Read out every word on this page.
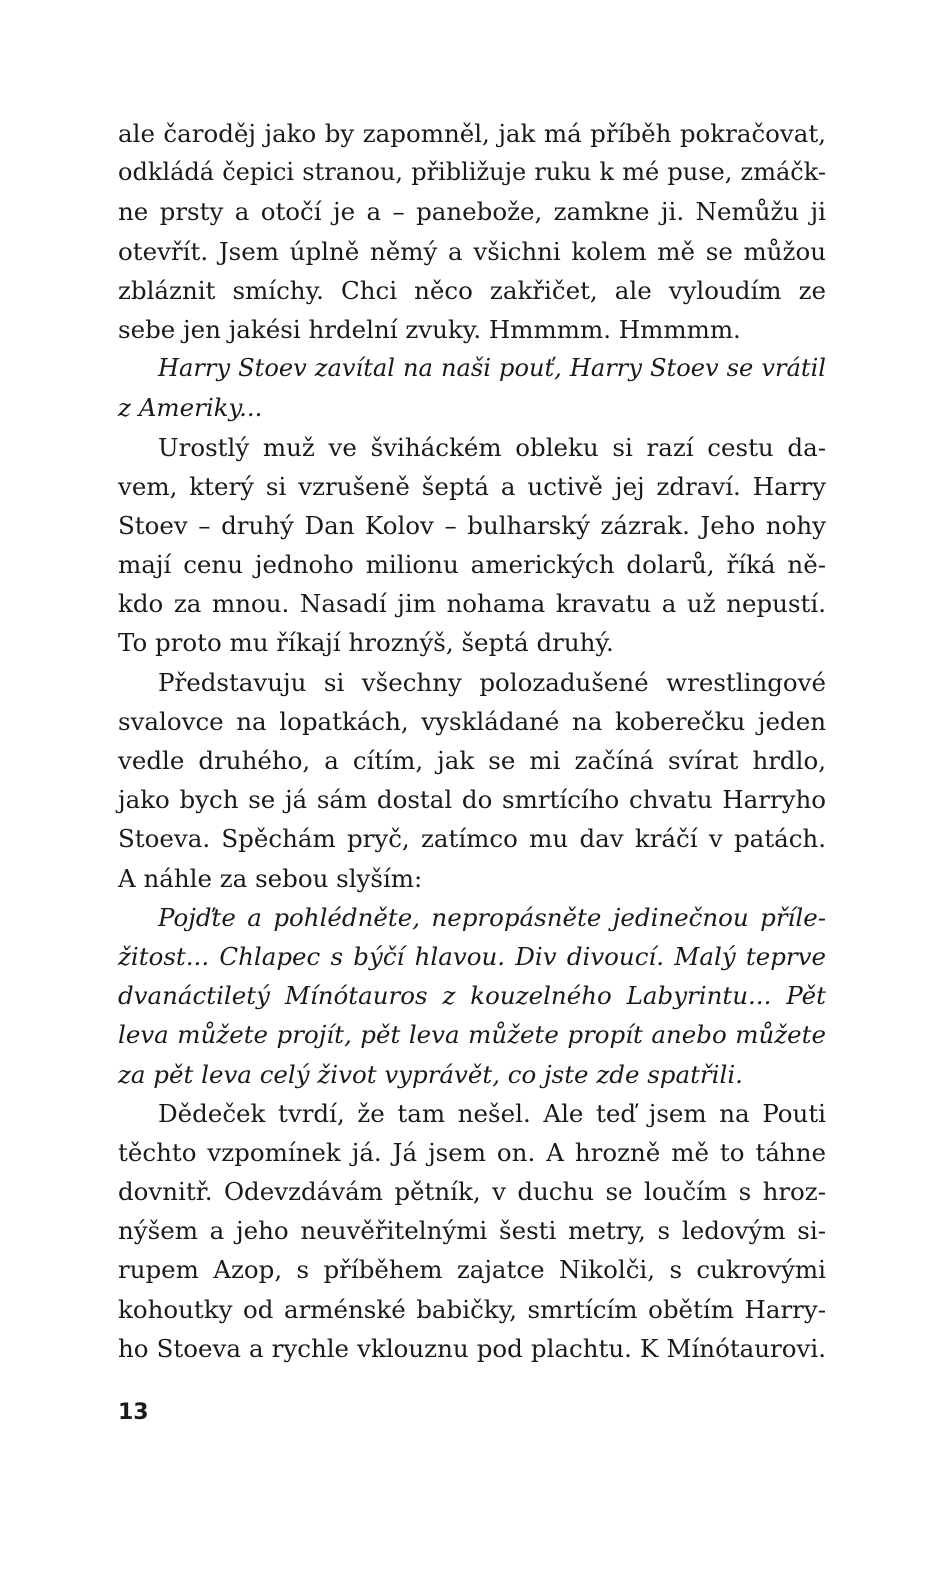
ale čaroděj jako by zapomněl, jak má příběh pokračovat,
odkládá čepici stranou, přibližuje ruku k mé puse, zmáčk-
ne prsty a otočí je a – panebože, zamkne ji. Nemůžu ji
otevřít. Jsem úplně němý a všichni kolem mě se můžou
zbláznit smíchy. Chci něco zakřičet, ale vyloudím ze
sebe jen jakési hrdelní zvuky. Hmmmm. Hmmmm.
Harry Stoev zavítal na naši pouť, Harry Stoev se vrátil
z Ameriky...
Urostlý muž ve šviháckém obleku si razí cestu da-
vem, který si vzrušeně šeptá a uctivě jej zdraví. Harry
Stoev – druhý Dan Kolov – bulharský zázrak. Jeho nohy
mají cenu jednoho milionu amerických dolarů, říká ně-
kdo za mnou. Nasadí jim nohama kravatu a už nepustí.
To proto mu říkají hroznýš, šeptá druhý.
Představuju si všechny polozadušené wrestlingové
svalovce na lopatkách, vyskládané na koberečku jeden
vedle druhého, a cítím, jak se mi začíná svírat hrdlo,
jako bych se já sám dostal do smrtícího chvatu Harryho
Stoeva. Spěchám pryč, zatímco mu dav kráčí v patách.
A náhle za sebou slyším:
Pojďte a pohlédněte, nepropásněte jedinečnou příle-
žitost... Chlapec s býčí hlavou. Div divoucí. Malý teprve
dvanáctiletý Mínótauros z kouzelného Labyrintu... Pět
leva můžete projít, pět leva můžete propít anebo můžete
za pět leva celý život vyprávět, co jste zde spatřili.
Dědeček tvrdí, že tam nešel. Ale teď jsem na Pouti
těchto vzpomínek já. Já jsem on. A hrozně mě to táhne
dovnitř. Odevzdávám pětník, v duchu se loučím s hroz-
nýšem a jeho neuvěřitelnými šesti metry, s ledovým si-
rupem Azop, s příběhem zajatce Nikolči, s cukrovými
kohoutky od arménské babičky, smrtícím obětím Harry-
ho Stoeva a rychle vklouznu pod plachtu. K Mínótaurovi.
13
